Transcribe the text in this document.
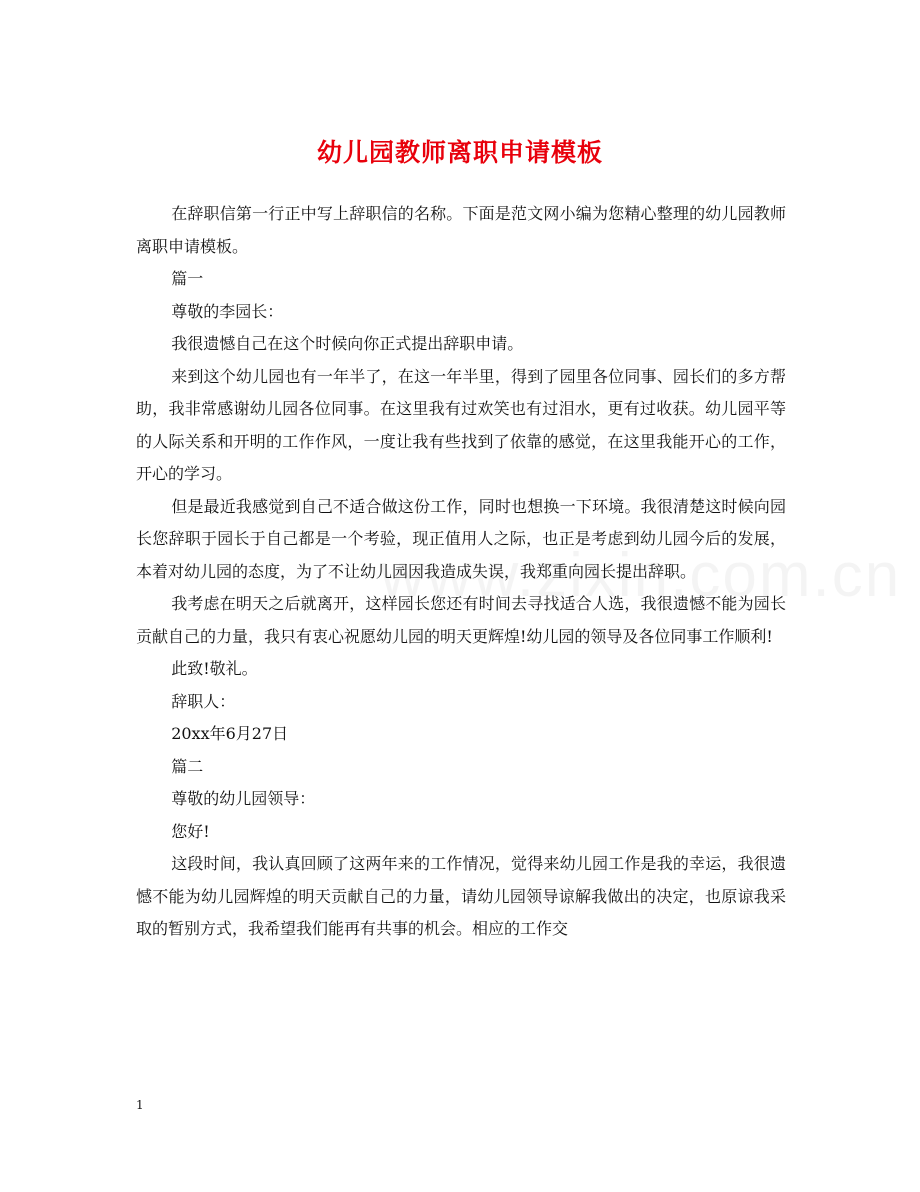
幼儿园教师离职申请模板

在辞职信第一行正中写上辞职信的名称。下面是范文网小编为您精心整理的幼儿园教师离职申请模板。

篇一

尊敬的李园长：

我很遗憾自己在这个时候向你正式提出辞职申请。

来到这个幼儿园也有一年半了，在这一年半里，得到了园里各位同事、园长们的多方帮助，我非常感谢幼儿园各位同事。在这里我有过欢笑也有过泪水，更有过收获。幼儿园平等的人际关系和开明的工作作风，一度让我有些找到了依靠的感觉，在这里我能开心的工作，开心的学习。

但是最近我感觉到自己不适合做这份工作，同时也想换一下环境。我很清楚这时候向园长您辞职于园长于自己都是一个考验，现正值用人之际，也正是考虑到幼儿园今后的发展，本着对幼儿园的态度，为了不让幼儿园因我造成失误，我郑重向园长提出辞职。

我考虑在明天之后就离开，这样园长您还有时间去寻找适合人选，我很遗憾不能为园长贡献自己的力量，我只有衷心祝愿幼儿园的明天更辉煌!幼儿园的领导及各位同事工作顺利!

此致!敬礼。

辞职人：

20xx年6月27日

篇二

尊敬的幼儿园领导：

您好!

这段时间，我认真回顾了这两年来的工作情况，觉得来幼儿园工作是我的幸运，我很遗憾不能为幼儿园辉煌的明天贡献自己的力量，请幼儿园领导谅解我做出的决定，也原谅我采取的暂别方式，我希望我们能再有共事的机会。相应的工作交

1
